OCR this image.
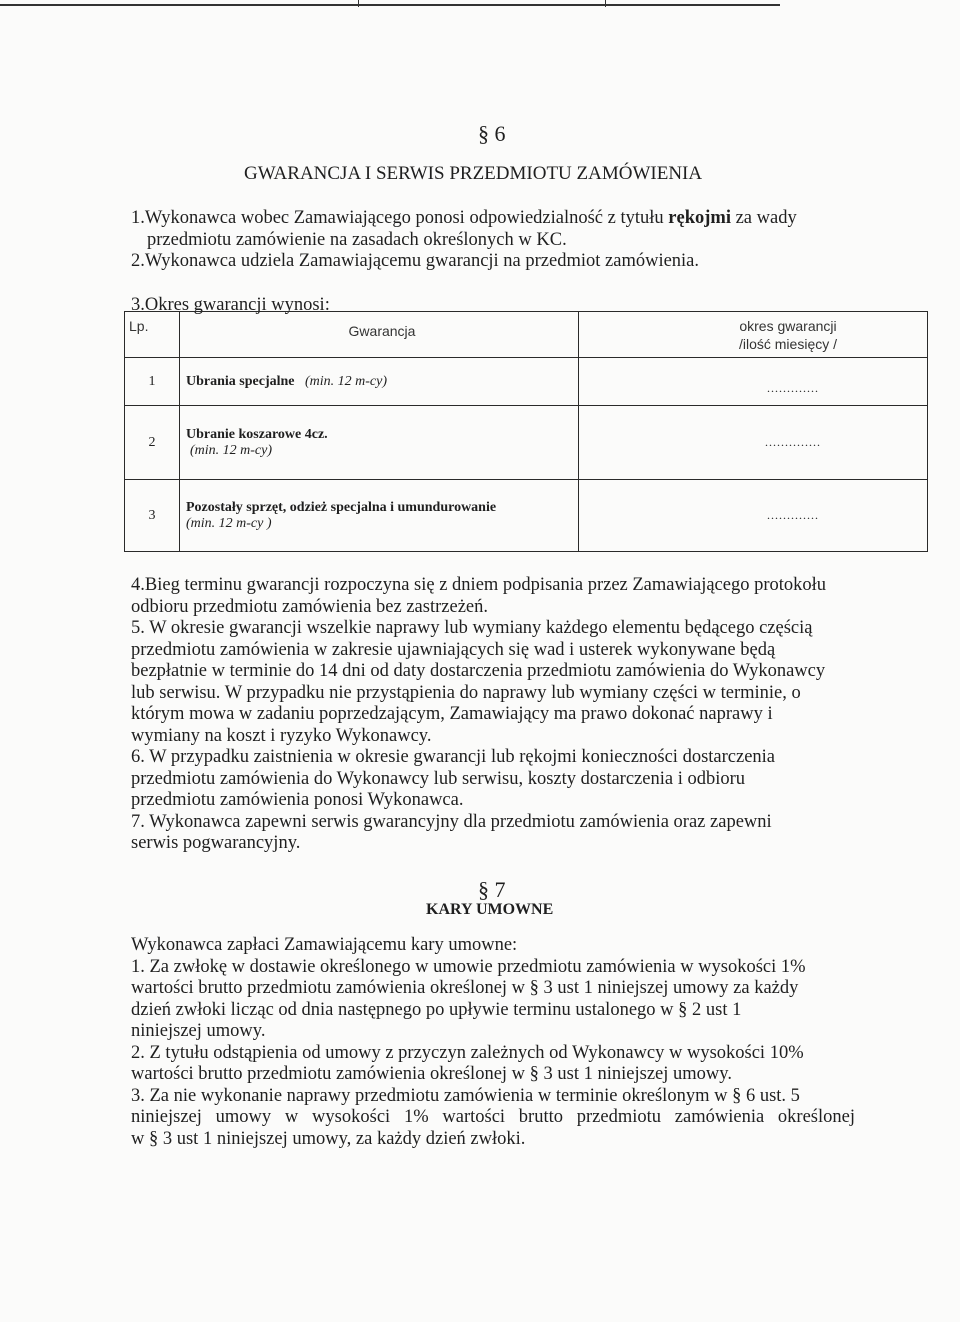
§ 6
GWARANCJA I SERWIS PRZEDMIOTU ZAMÓWIENIA

1.Wykonawca wobec Zamawiającego ponosi odpowiedzialność z tytułu rękojmi za wady

przedmiotu zamówienie na zasadach określonych w KC.

2.Wykonawca udziela Zamawiającemu gwarancji na przedmiot zamówienia.

3.Okres gwarancji wynosi:
Lp.	Gwarancja	okres gwarancji
/ilość miesięcy /

1	Ubrania specjalne (min. 12 m-cy)	.............
2	Ubranie koszarowe 4cz.
(min. 12 m-cy)	..............
3	Pozostały sprzęt, odzież specjalna i umundurowanie
(min. 12 m-cy )	.............

4.Bieg terminu gwarancji rozpoczyna się z dniem podpisania przez Zamawiającego protokołu

odbioru przedmiotu zamówienia bez zastrzeżeń.

5. W okresie gwarancji wszelkie naprawy lub wymiany każdego elementu będącego częścią

przedmiotu zamówienia w zakresie ujawniających się wad i usterek wykonywane będą

bezpłatnie w terminie do 14 dni od daty dostarczenia przedmiotu zamówienia do Wykonawcy

lub serwisu. W przypadku nie przystąpienia do naprawy lub wymiany części w terminie, o

którym mowa w zadaniu poprzedzającym, Zamawiający ma prawo dokonać naprawy i

wymiany na koszt i ryzyko Wykonawcy.

6. W przypadku zaistnienia w okresie gwarancji lub rękojmi konieczności dostarczenia

przedmiotu zamówienia do Wykonawcy lub serwisu, koszty dostarczenia i odbioru

przedmiotu zamówienia ponosi Wykonawca.

7. Wykonawca zapewni serwis gwarancyjny dla przedmiotu zamówienia oraz zapewni

serwis pogwarancyjny.

§ 7
KARY UMOWNE

Wykonawca zapłaci Zamawiającemu kary umowne:

1. Za zwłokę w dostawie określonego w umowie przedmiotu zamówienia w wysokości 1%

wartości brutto przedmiotu zamówienia określonej w § 3 ust 1 niniejszej umowy za każdy

dzień zwłoki licząc od dnia następnego po upływie terminu ustalonego w § 2 ust 1

niniejszej umowy.

2. Z tytułu odstąpienia od umowy z przyczyn zależnych od Wykonawcy w wysokości 10%

wartości brutto przedmiotu zamówienia określonej w § 3 ust 1 niniejszej umowy.

3. Za nie wykonanie naprawy przedmiotu zamówienia w terminie określonym w § 6 ust. 5

niniejszej umowy w wysokości 1% wartości brutto przedmiotu zamówienia określonej

w § 3 ust 1 niniejszej umowy, za każdy dzień zwłoki.
